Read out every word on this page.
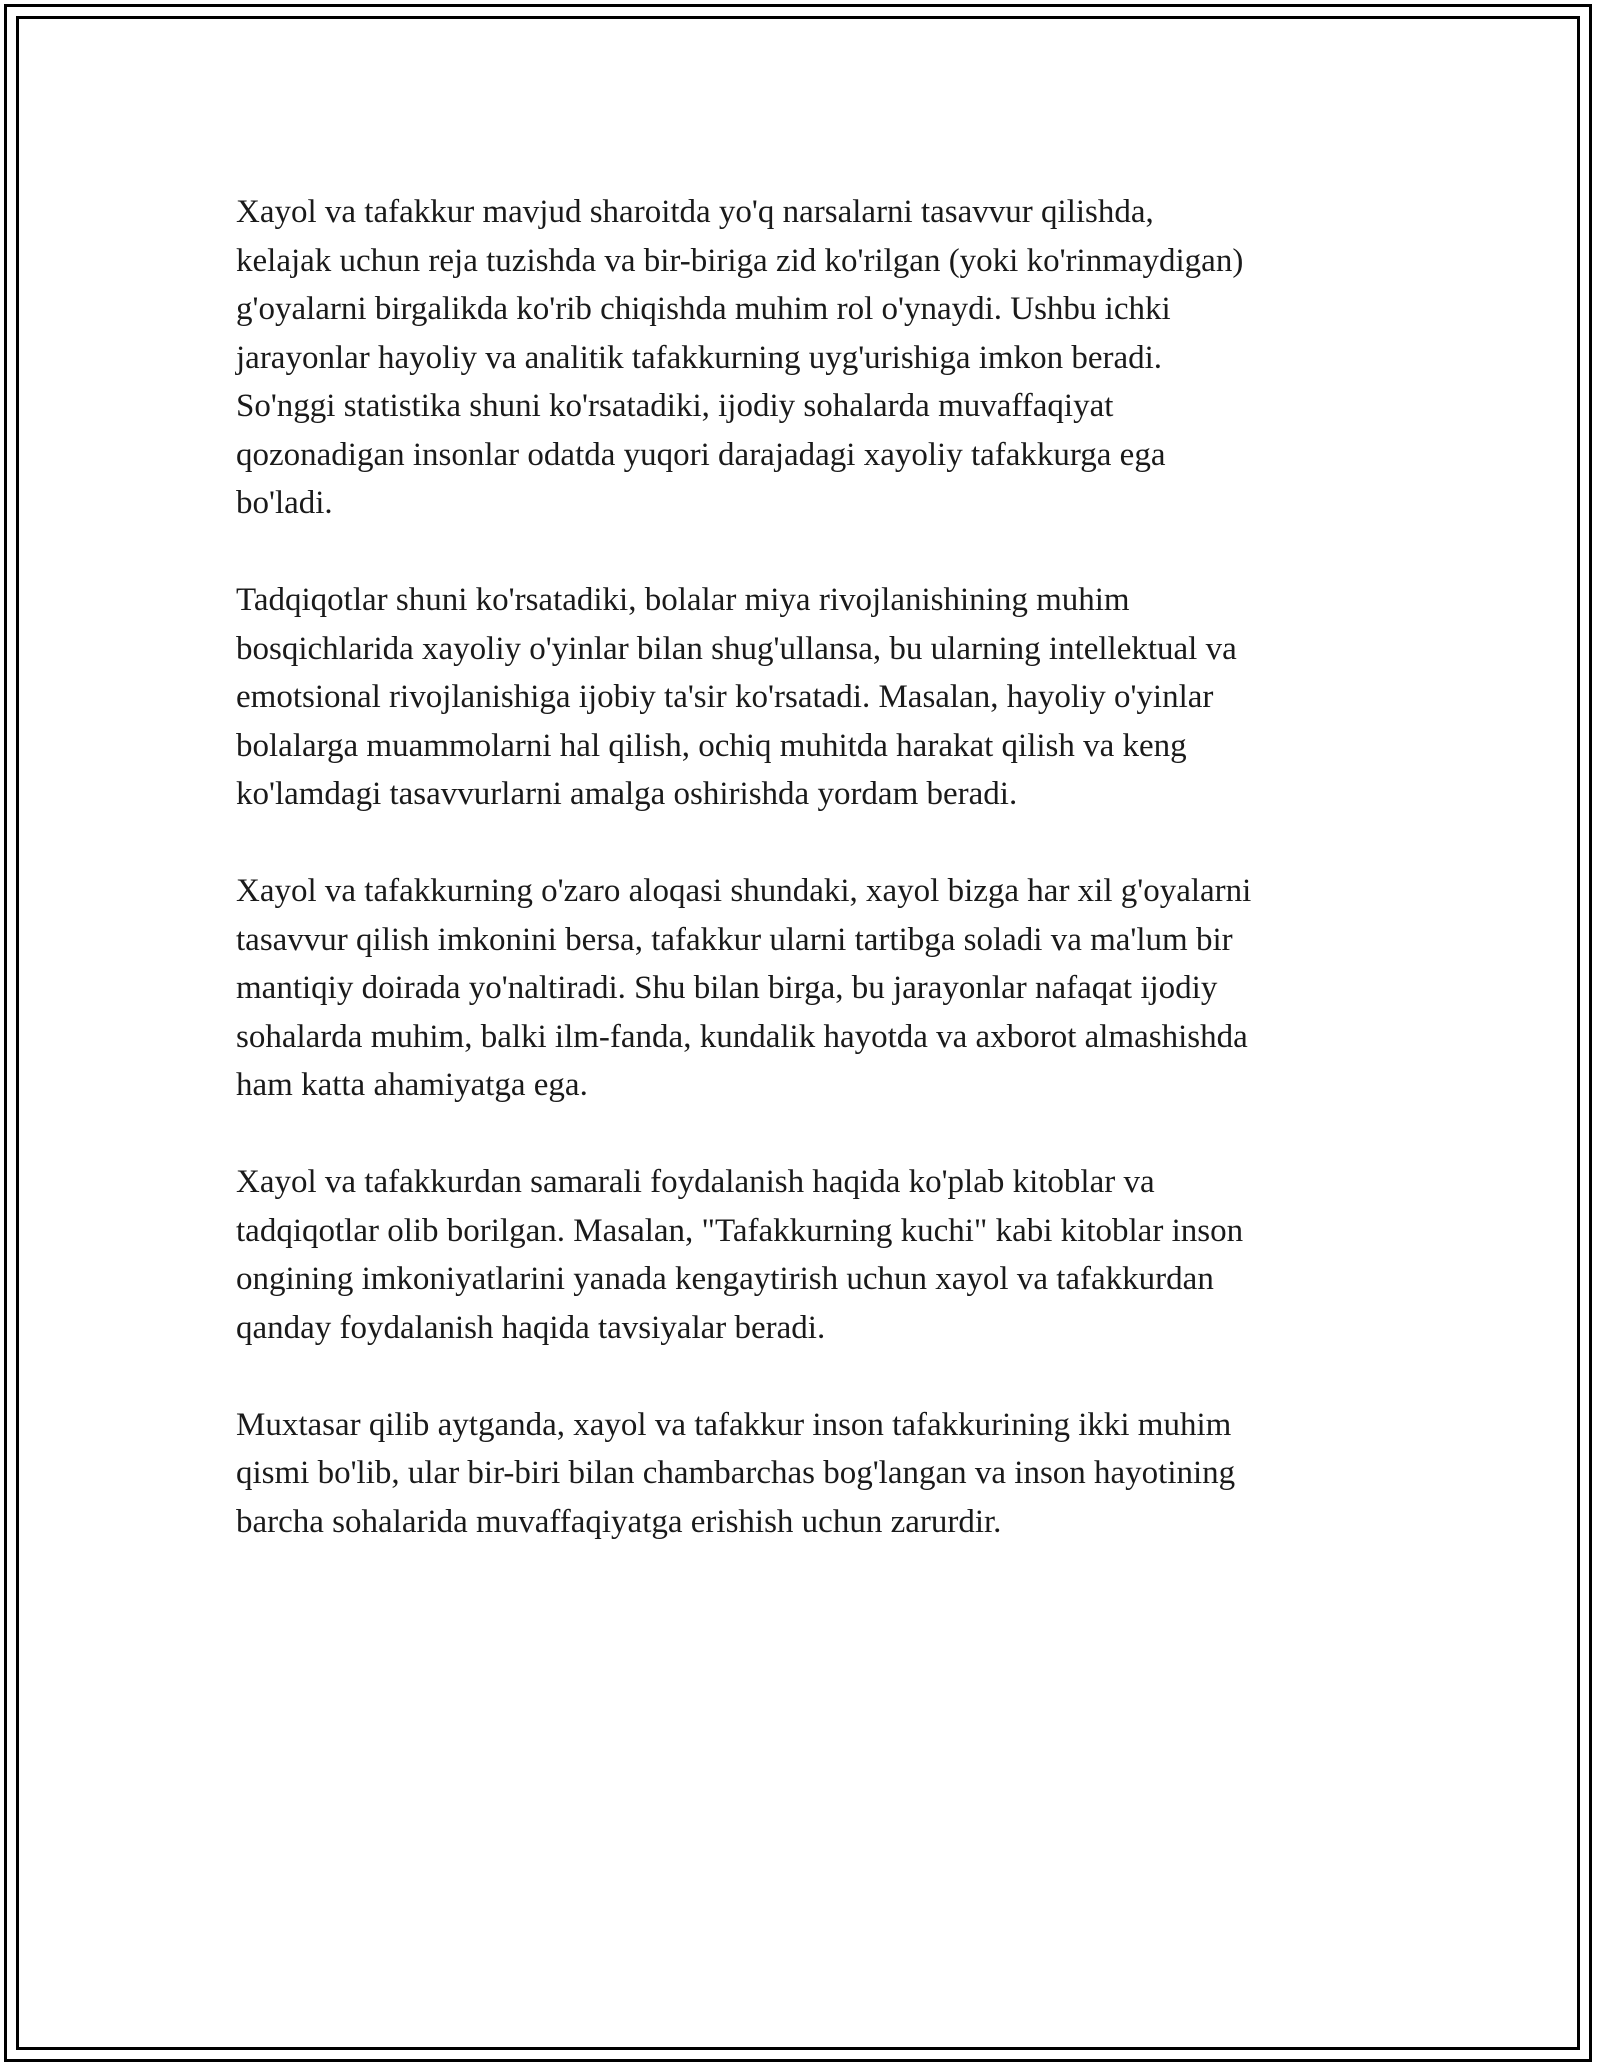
Xayol va tafakkur mavjud sharoitda yo'q narsalarni tasavvur qilishda,
kelajak uchun reja tuzishda va bir-biriga zid ko'rilgan (yoki ko'rinmaydigan)
g'oyalarni birgalikda ko'rib chiqishda muhim rol o'ynaydi. Ushbu ichki
jarayonlar hayoliy va analitik tafakkurning uyg'urishiga imkon beradi.
So'nggi statistika shuni ko'rsatadiki, ijodiy sohalarda muvaffaqiyat
qozonadigan insonlar odatda yuqori darajadagi xayoliy tafakkurga ega
bo'ladi.

Tadqiqotlar shuni ko'rsatadiki, bolalar miya rivojlanishining muhim
bosqichlarida xayoliy o'yinlar bilan shug'ullansa, bu ularning intellektual va
emotsional rivojlanishiga ijobiy ta'sir ko'rsatadi. Masalan, hayoliy o'yinlar
bolalarga muammolarni hal qilish, ochiq muhitda harakat qilish va keng
ko'lamdagi tasavvurlarni amalga oshirishda yordam beradi.

Xayol va tafakkurning o'zaro aloqasi shundaki, xayol bizga har xil g'oyalarni
tasavvur qilish imkonini bersa, tafakkur ularni tartibga soladi va ma'lum bir
mantiqiy doirada yo'naltiradi. Shu bilan birga, bu jarayonlar nafaqat ijodiy
sohalarda muhim, balki ilm-fanda, kundalik hayotda va axborot almashishda
ham katta ahamiyatga ega.

Xayol va tafakkurdan samarali foydalanish haqida ko'plab kitoblar va
tadqiqotlar olib borilgan. Masalan, "Tafakkurning kuchi" kabi kitoblar inson
ongining imkoniyatlarini yanada kengaytirish uchun xayol va tafakkurdan
qanday foydalanish haqida tavsiyalar beradi.

Muxtasar qilib aytganda, xayol va tafakkur inson tafakkurining ikki muhim
qismi bo'lib, ular bir-biri bilan chambarchas bog'langan va inson hayotining
barcha sohalarida muvaffaqiyatga erishish uchun zarurdir.
